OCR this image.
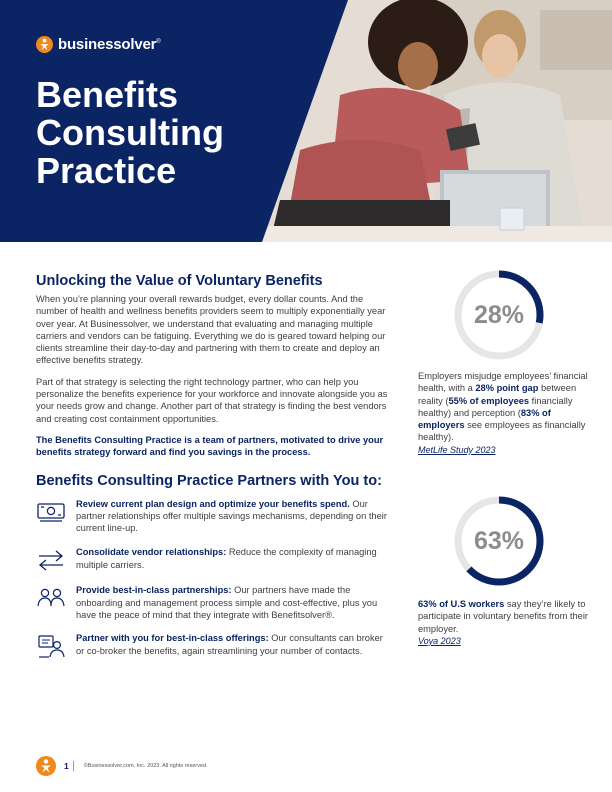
businessolver®
Benefits
Consulting
Practice
Unlocking the Value of Voluntary Benefits

When you’re planning your overall rewards budget, every dollar counts. And the number of health and wellness benefits providers seem to multiply exponentially year over year. At Businessolver, we understand that evaluating and managing multiple carriers and vendors can be fatiguing. Everything we do is geared toward helping our clients streamline their day-to-day and partnering with them to create and deploy an effective benefits strategy.

Part of that strategy is selecting the right technology partner, who can help you personalize the benefits experience for your workforce and innovate alongside you as your needs grow and change. Another part of that strategy is finding the best vendors and creating cost containment opportunities.

The Benefits Consulting Practice is a team of partners, motivated to drive your benefits strategy forward and find you savings in the process.

Benefits Consulting Practice Partners with You to:

Review current plan design and optimize your benefits spend. Our partner relationships offer multiple savings mechanisms, depending on their current line-up.

Consolidate vendor relationships: Reduce the complexity of managing multiple carriers.

Provide best-in-class partnerships: Our partners have made the onboarding and management process simple and cost-effective, plus you have the peace of mind that they integrate with Benefitsolver®.

Partner with you for best-in-class offerings: Our consultants can broker or co-broker the benefits, again streamlining your number of contacts.

28%

Employers misjudge employees’ financial health, with a 28% point gap between reality (55% of employees financially healthy) and perception (83% of employers see employees as financially healthy).

MetLife Study 2023
63%

63% of U.S workers say they’re likely to participate in voluntary benefits from their employer.

Voya 2023
1	©Businessolver.com, Inc. 2023. All rights reserved.
